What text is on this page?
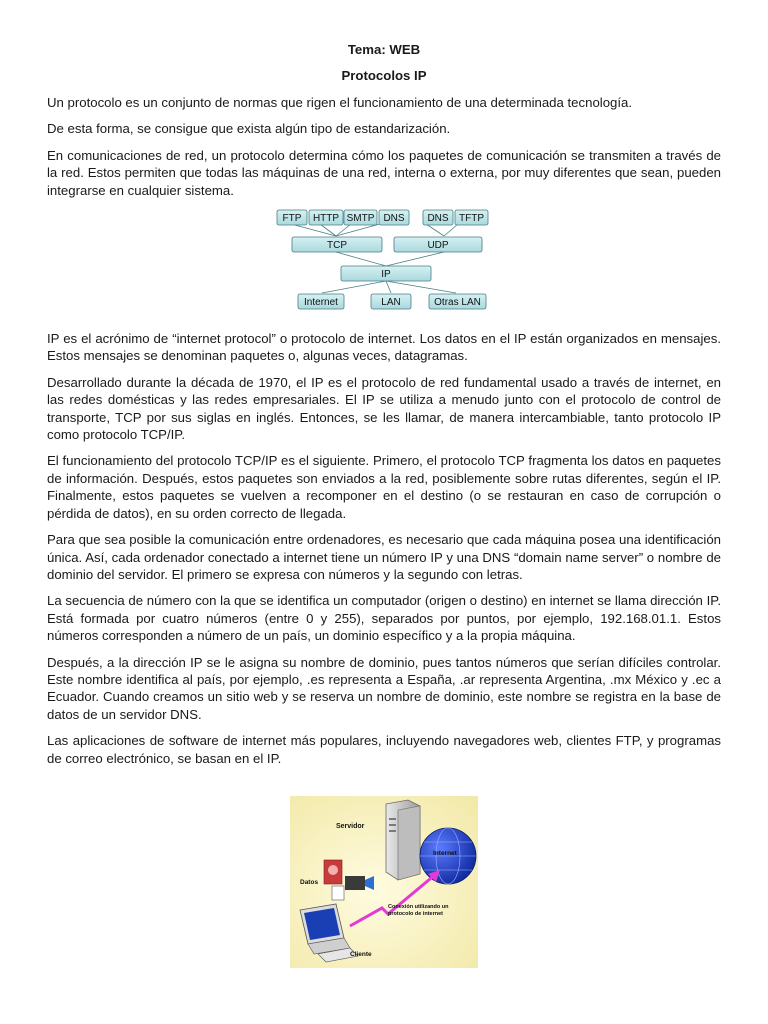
Tema: WEB
Protocolos IP

Un protocolo es un conjunto de normas que rigen el funcionamiento de una determinada tecnología.

De esta forma, se consigue que exista algún tipo de estandarización.

En comunicaciones de red, un protocolo determina cómo los paquetes de comunicación se transmiten a través de la red. Estos permiten que todas las máquinas de una red, interna o externa, por muy diferentes que sean, pueden integrarse en cualquier sistema.

FTP HTTP SMTP DNS DNS TFTP
TCP	UDP
IP
Internet	LAN	Otras LAN

IP es el acrónimo de “internet protocol” o protocolo de internet. Los datos en el IP están organizados en mensajes. Estos mensajes se denominan paquetes o, algunas veces, datagramas.

Desarrollado durante la década de 1970, el IP es el protocolo de red fundamental usado a través de internet, en las redes domésticas y las redes empresariales. El IP se utiliza a menudo junto con el protocolo de control de transporte, TCP por sus siglas en inglés. Entonces, se les llamar, de manera intercambiable, tanto protocolo IP como protocolo TCP/IP.

El funcionamiento del protocolo TCP/IP es el siguiente. Primero, el protocolo TCP fragmenta los datos en paquetes de información. Después, estos paquetes son enviados a la red, posiblemente sobre rutas diferentes, según el IP. Finalmente, estos paquetes se vuelven a recomponer en el destino (o se restauran en caso de corrupción o pérdida de datos), en su orden correcto de llegada.

Para que sea posible la comunicación entre ordenadores, es necesario que cada máquina posea una identificación única. Así, cada ordenador conectado a internet tiene un número IP y una DNS “domain name server” o nombre de dominio del servidor. El primero se expresa con números y la segundo con letras.

La secuencia de número con la que se identifica un computador (origen o destino) en internet se llama dirección IP. Está formada por cuatro números (entre 0 y 255), separados por puntos, por ejemplo, 192.168.01.1. Estos números corresponden a número de un país, un dominio específico y a la propia máquina.

Después, a la dirección IP se le asigna su nombre de dominio, pues tantos números que serían difíciles controlar. Este nombre identifica al país, por ejemplo, .es representa a España, .ar representa Argentina, .mx México y .ec a Ecuador. Cuando creamos un sitio web y se reserva un nombre de dominio, este nombre se registra en la base de datos de un servidor DNS.

Las aplicaciones de software de internet más populares, incluyendo navegadores web, clientes FTP, y programas de correo electrónico, se basan en el IP.

Servidor
Internet
Datos
Conexión utilizando un
protocolo de internet
Cliente
